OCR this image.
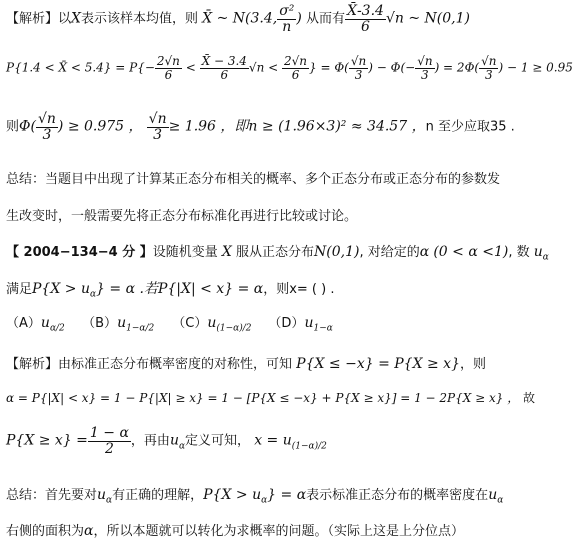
【解析】以X表示该样本均值，则 X̄ ~ N(3.4, $\frac{\text{σ²}}{n}$ ) 从而有 $\frac{X̄-3.4}{6} √n$ ~ N(0,1)
P{1.4 < X̄ < $5.4\} = P\{- \frac{2√n}{6} < \frac{X̄ - 3.4}{6} √n < \frac{2√n}{6}$ } = $\Phi( \frac{√n}{3}$ ) − $\Phi(- \frac{√n}{3}$ ) = $2\Phi( \frac{√n}{3}$ ) − 1 ≥ 0.95
则$\Phi( \frac{√n}{3}$ ) ≥ 0.975 ， $\frac{√n}{3} \ge 1.96$ ，即n ≥ (1.96×3)² ≈ 34.57 ，n 至少应取35 .
总结：当题目中出现了计算某正态分布相关的概率、多个正态分布或正态分布的参数发
生改变时，一般需要先将正态分布标准化再进行比较或讨论。
【 2004−134−4 分 】设随机变量 X 服从正态分布N(0,1), 对给定的α (0 < α <1), 数 $u_\alpha$
满足$P\{X > u_\alpha\} = \alpha$ .若P{|X| < x} = α，则x= ( ) .
$(A)u_{\alpha/2}$ $(B)u_{1-\alpha/2}$ $(C)u_{(1-\alpha)/2}$ $(D)u_{1-\alpha}$
【解析】由标准正态分布概率密度的对称性，可知 P{X ≤ −x} = P{X ≥ x}，则
α = P{|X| < x} = 1 − P{|X| ≥ x} = 1 − [P{X ≤ −x} + P{X ≥ x}] = 1 − 2P{X ≥ x} ， 故
$P\{X \ge x\} = \frac{1 - \alpha}{2}$ ，再由$u_\alpha$定义可知， $x = u_{(1-\alpha)/2}$
总结：首先要对$u_\alpha$有正确的理解，$P\{X > u_\alpha\} = \alpha$表示标准正态分布的概率密度在$u_\alpha$
右侧的面积为α，所以本题就可以转化为求概率的问题。（实际上这是上分位点）
